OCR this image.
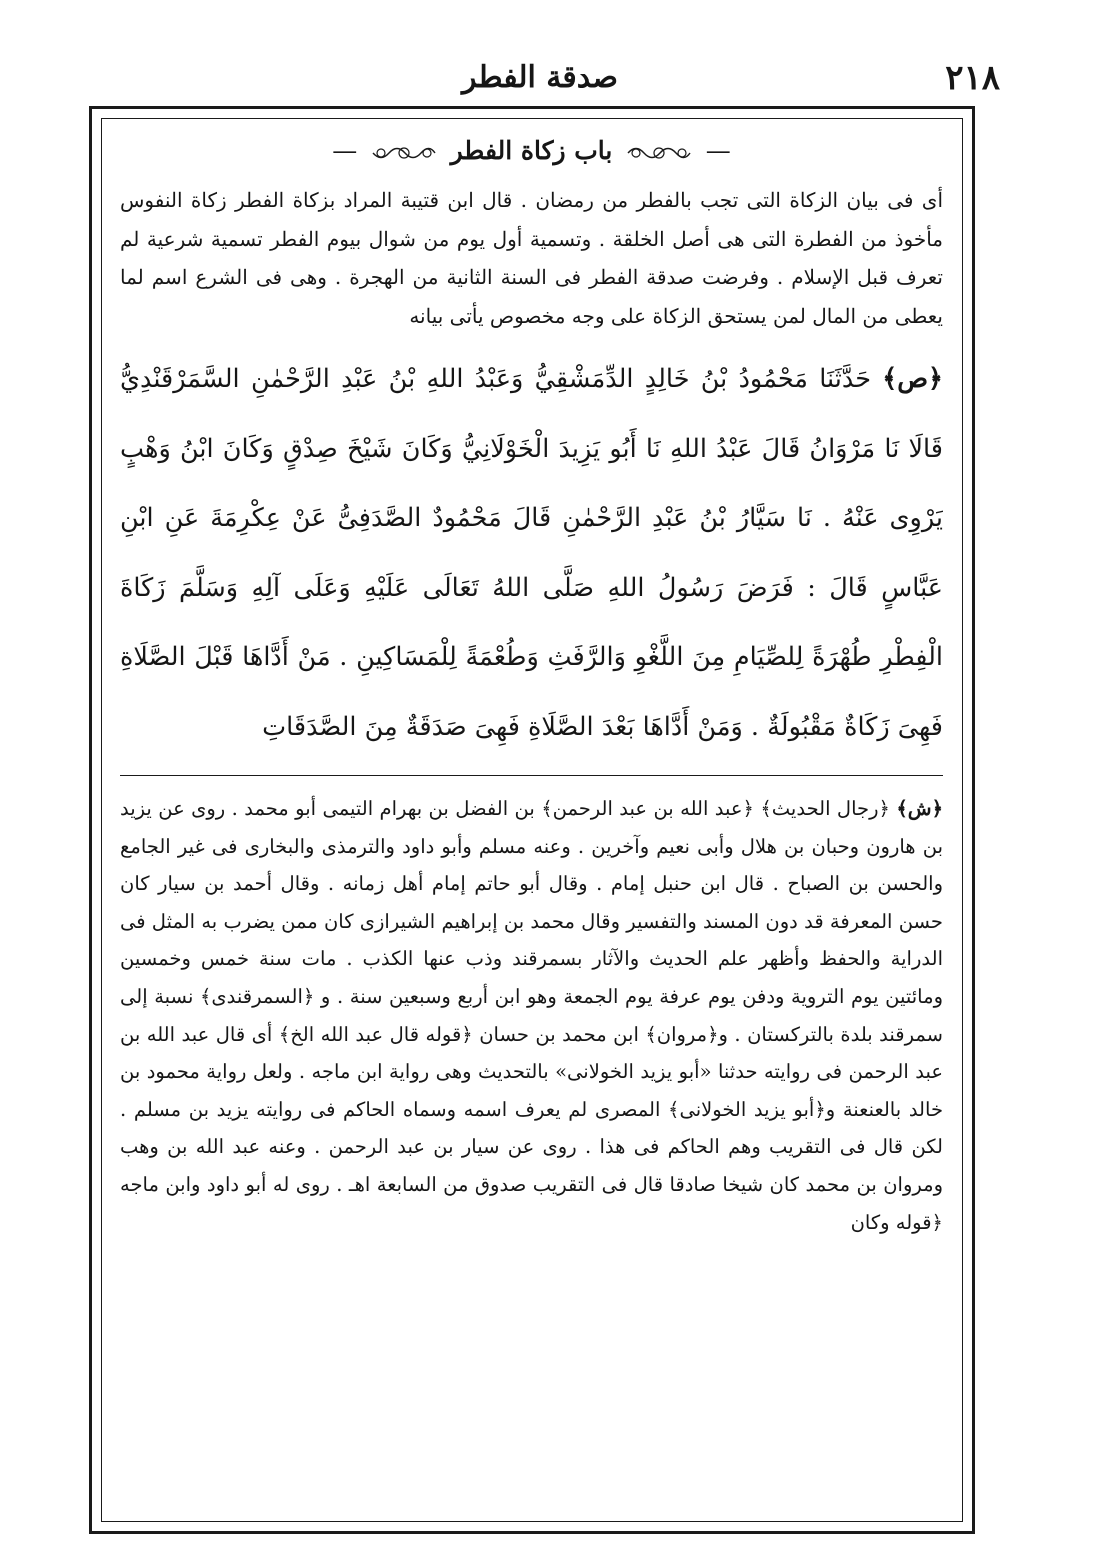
٢١٨
صدقة الفطر
—  باب زكاة الفطر  —

أى فى بيان الزكاة التى تجب بالفطر من رمضان . قال ابن قتيبة المراد بزكاة الفطر زكاة النفوس مأخوذ من الفطرة التى هى أصل الخلقة . وتسمية أول يوم من شوال بيوم الفطر تسمية شرعية لم تعرف قبل الإسلام . وفرضت صدقة الفطر فى السنة الثانية من الهجرة . وهى فى الشرع اسم لما يعطى من المال لمن يستحق الزكاة على وجه مخصوص يأتى بيانه

﴿ص﴾ حَدَّثَنَا مَحْمُودُ بْنُ خَالِدٍ الدِّمَشْقِيُّ وَعَبْدُ اللهِ بْنُ عَبْدِ الرَّحْمٰنِ السَّمَرْقَنْدِيُّ قَالَا نَا مَرْوَانُ قَالَ عَبْدُ اللهِ نَا أَبُو يَزِيدَ الْخَوْلَانِيُّ وَكَانَ شَيْخَ صِدْقٍ وَكَانَ ابْنُ وَهْبٍ يَرْوِى عَنْهُ . نَا سَيَّارُ بْنُ عَبْدِ الرَّحْمٰنِ قَالَ مَحْمُودٌ الصَّدَفِىُّ عَنْ عِكْرِمَةَ عَنِ ابْنِ عَبَّاسٍ قَالَ : فَرَضَ رَسُولُ اللهِ صَلَّى اللهُ تَعَالَى عَلَيْهِ وَعَلَى آلِهِ وَسَلَّمَ زَكَاةَ الْفِطْرِ طُهْرَةً لِلصِّيَامِ مِنَ اللَّغْوِ وَالرَّفَثِ وَطُعْمَةً لِلْمَسَاكِينِ . مَنْ أَدَّاهَا قَبْلَ الصَّلَاةِ فَهِىَ زَكَاةٌ مَقْبُولَةٌ . وَمَنْ أَدَّاهَا بَعْدَ الصَّلَاةِ فَهِىَ صَدَقَةٌ مِنَ الصَّدَقَاتِ

﴿ش﴾ ﴿رجال الحديث﴾ ﴿عبد الله بن عبد الرحمن﴾ بن الفضل بن بهرام التيمى أبو محمد . روى عن يزيد بن هارون وحبان بن هلال وأبى نعيم وآخرين . وعنه مسلم وأبو داود والترمذى والبخارى فى غير الجامع والحسن بن الصباح . قال ابن حنبل إمام . وقال أبو حاتم إمام أهل زمانه . وقال أحمد بن سيار كان حسن المعرفة قد دون المسند والتفسير وقال محمد بن إبراهيم الشيرازى كان ممن يضرب به المثل فى الدراية والحفظ وأظهر علم الحديث والآثار بسمرقند وذب عنها الكذب . مات سنة خمس وخمسين ومائتين يوم التروية ودفن يوم عرفة يوم الجمعة وهو ابن أربع وسبعين سنة . و ﴿السمرقندى﴾ نسبة إلى سمرقند بلدة بالتركستان . و﴿مروان﴾ ابن محمد بن حسان ﴿قوله قال عبد الله الخ﴾ أى قال عبد الله بن عبد الرحمن فى روايته حدثنا «أبو يزيد الخولانى» بالتحديث وهى رواية ابن ماجه . ولعل رواية محمود بن خالد بالعنعنة و﴿أبو يزيد الخولانى﴾ المصرى لم يعرف اسمه وسماه الحاكم فى روايته يزيد بن مسلم . لكن قال فى التقريب وهم الحاكم فى هذا . روى عن سيار بن عبد الرحمن . وعنه عبد الله بن وهب ومروان بن محمد كان شيخا صادقا قال فى التقريب صدوق من السابعة اهـ . روى له أبو داود وابن ماجه ﴿قوله وكان
